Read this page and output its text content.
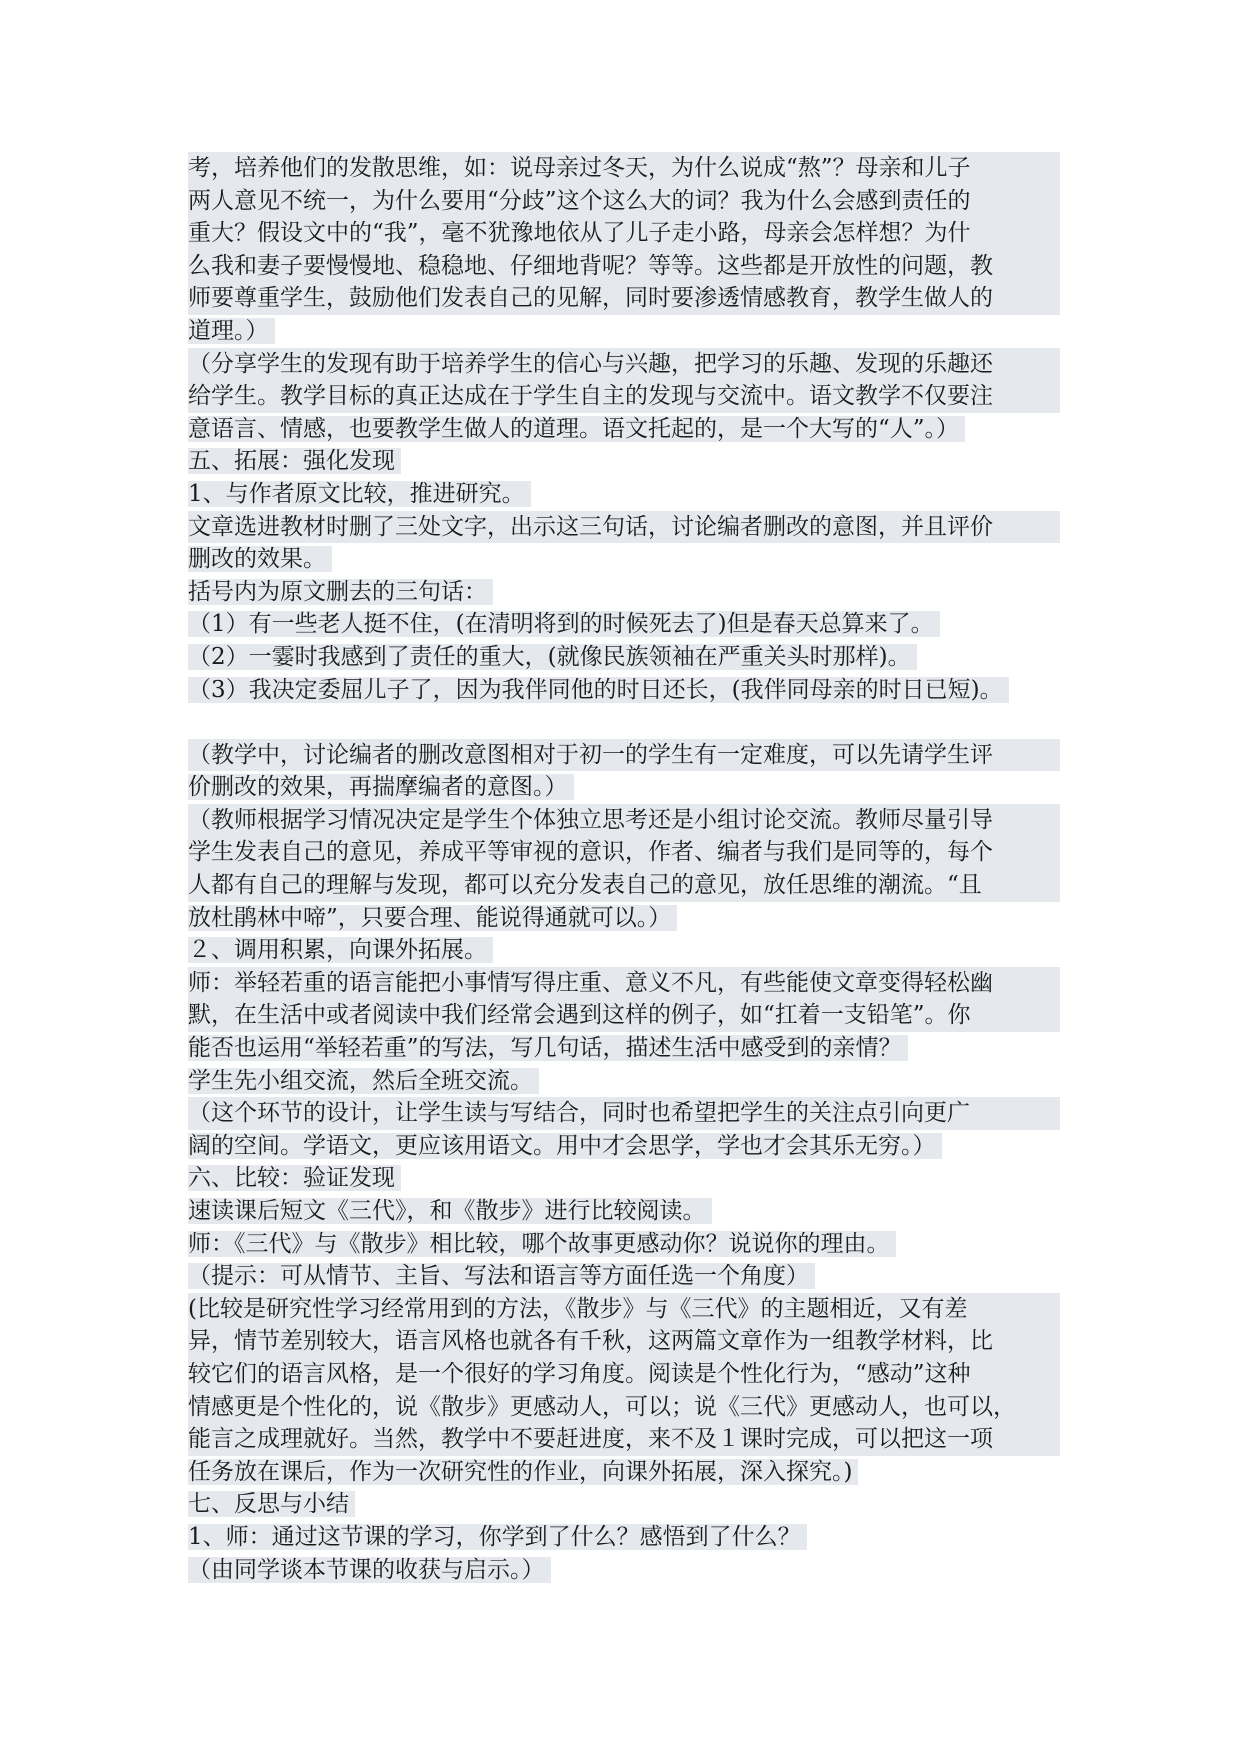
考，培养他们的发散思维，如：说母亲过冬天，为什么说成“熬”？母亲和儿子
两人意见不统一，为什么要用“分歧”这个这么大的词？我为什么会感到责任的
重大？假设文中的“我”，毫不犹豫地依从了儿子走小路，母亲会怎样想？为什
么我和妻子要慢慢地、稳稳地、仔细地背呢？等等。这些都是开放性的问题，教
师要尊重学生，鼓励他们发表自己的见解，同时要渗透情感教育，教学生做人的
道理。）
（分享学生的发现有助于培养学生的信心与兴趣，把学习的乐趣、发现的乐趣还
给学生。教学目标的真正达成在于学生自主的发现与交流中。语文教学不仅要注
意语言、情感，也要教学生做人的道理。语文托起的，是一个大写的“人”。）
五、拓展：强化发现
1、与作者原文比较，推进研究。
文章选进教材时删了三处文字，出示这三句话，讨论编者删改的意图，并且评价
删改的效果。
括号内为原文删去的三句话：
（1）有一些老人挺不住，(在清明将到的时候死去了)但是春天总算来了。
（2）一霎时我感到了责任的重大，(就像民族领袖在严重关头时那样)。
（3）我决定委屈儿子了，因为我伴同他的时日还长，(我伴同母亲的时日已短)。
（教学中，讨论编者的删改意图相对于初一的学生有一定难度，可以先请学生评
价删改的效果，再揣摩编者的意图。）
（教师根据学习情况决定是学生个体独立思考还是小组讨论交流。教师尽量引导
学生发表自己的意见，养成平等审视的意识，作者、编者与我们是同等的，每个
人都有自己的理解与发现，都可以充分发表自己的意见，放任思维的潮流。“且
放杜鹃林中啼”，只要合理、能说得通就可以。）
２、调用积累，向课外拓展。
师：举轻若重的语言能把小事情写得庄重、意义不凡，有些能使文章变得轻松幽
默，在生活中或者阅读中我们经常会遇到这样的例子，如“扛着一支铅笔”。你
能否也运用“举轻若重”的写法，写几句话，描述生活中感受到的亲情？
学生先小组交流，然后全班交流。
（这个环节的设计，让学生读与写结合，同时也希望把学生的关注点引向更广
阔的空间。学语文，更应该用语文。用中才会思学，学也才会其乐无穷。）
六、比较：验证发现
速读课后短文《三代》，和《散步》进行比较阅读。
师：《三代》与《散步》相比较，哪个故事更感动你？说说你的理由。
（提示：可从情节、主旨、写法和语言等方面任选一个角度）
(比较是研究性学习经常用到的方法，《散步》与《三代》的主题相近，又有差
异，情节差别较大，语言风格也就各有千秋，这两篇文章作为一组教学材料，比
较它们的语言风格，是一个很好的学习角度。阅读是个性化行为，“感动”这种
情感更是个性化的，说《散步》更感动人，可以；说《三代》更感动人，也可以，
能言之成理就好。当然，教学中不要赶进度，来不及１课时完成，可以把这一项
任务放在课后，作为一次研究性的作业，向课外拓展，深入探究。)
七、反思与小结
1、师：通过这节课的学习，你学到了什么？感悟到了什么？
（由同学谈本节课的收获与启示。）
